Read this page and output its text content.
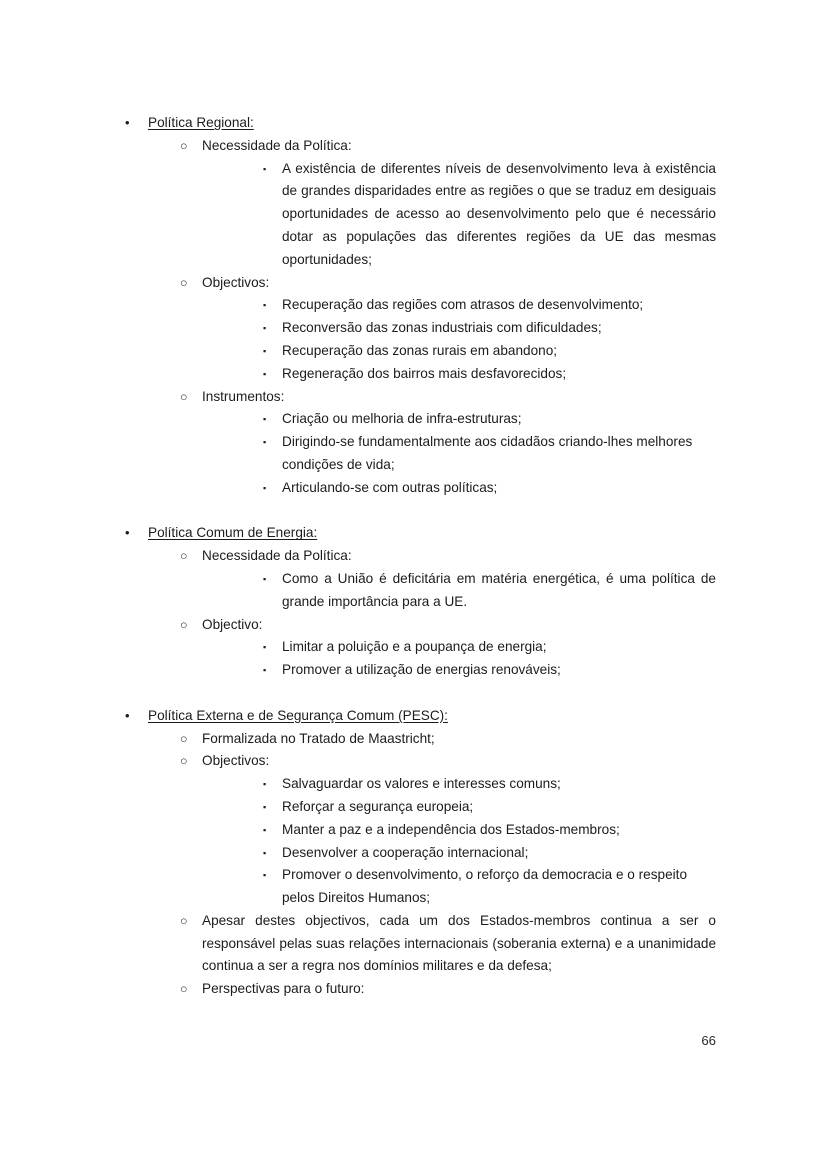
• Política Regional:
○ Necessidade da Política:
▪ A existência de diferentes níveis de desenvolvimento leva à existência de grandes disparidades entre as regiões o que se traduz em desiguais oportunidades de acesso ao desenvolvimento pelo que é necessário dotar as populações das diferentes regiões da UE das mesmas oportunidades;
○ Objectivos:
▪ Recuperação das regiões com atrasos de desenvolvimento;
▪ Reconversão das zonas industriais com dificuldades;
▪ Recuperação das zonas rurais em abandono;
▪ Regeneração dos bairros mais desfavorecidos;
○ Instrumentos:
▪ Criação ou melhoria de infra-estruturas;
▪ Dirigindo-se fundamentalmente aos cidadãos criando-lhes melhores condições de vida;
▪ Articulando-se com outras políticas;

• Política Comum de Energia:
○ Necessidade da Política:
▪ Como a União é deficitária em matéria energética, é uma política de grande importância para a UE.
○ Objectivo:
▪ Limitar a poluição e a poupança de energia;
▪ Promover a utilização de energias renováveis;

• Política Externa e de Segurança Comum (PESC):
○ Formalizada no Tratado de Maastricht;
○ Objectivos:
▪ Salvaguardar os valores e interesses comuns;
▪ Reforçar a segurança europeia;
▪ Manter a paz e a independência dos Estados-membros;
▪ Desenvolver a cooperação internacional;
▪ Promover o desenvolvimento, o reforço da democracia e o respeito pelos Direitos Humanos;
○ Apesar destes objectivos, cada um dos Estados-membros continua a ser o responsável pelas suas relações internacionais (soberania externa) e a unanimidade continua a ser a regra nos domínios militares e da defesa;
○ Perspectivas para o futuro:
66
